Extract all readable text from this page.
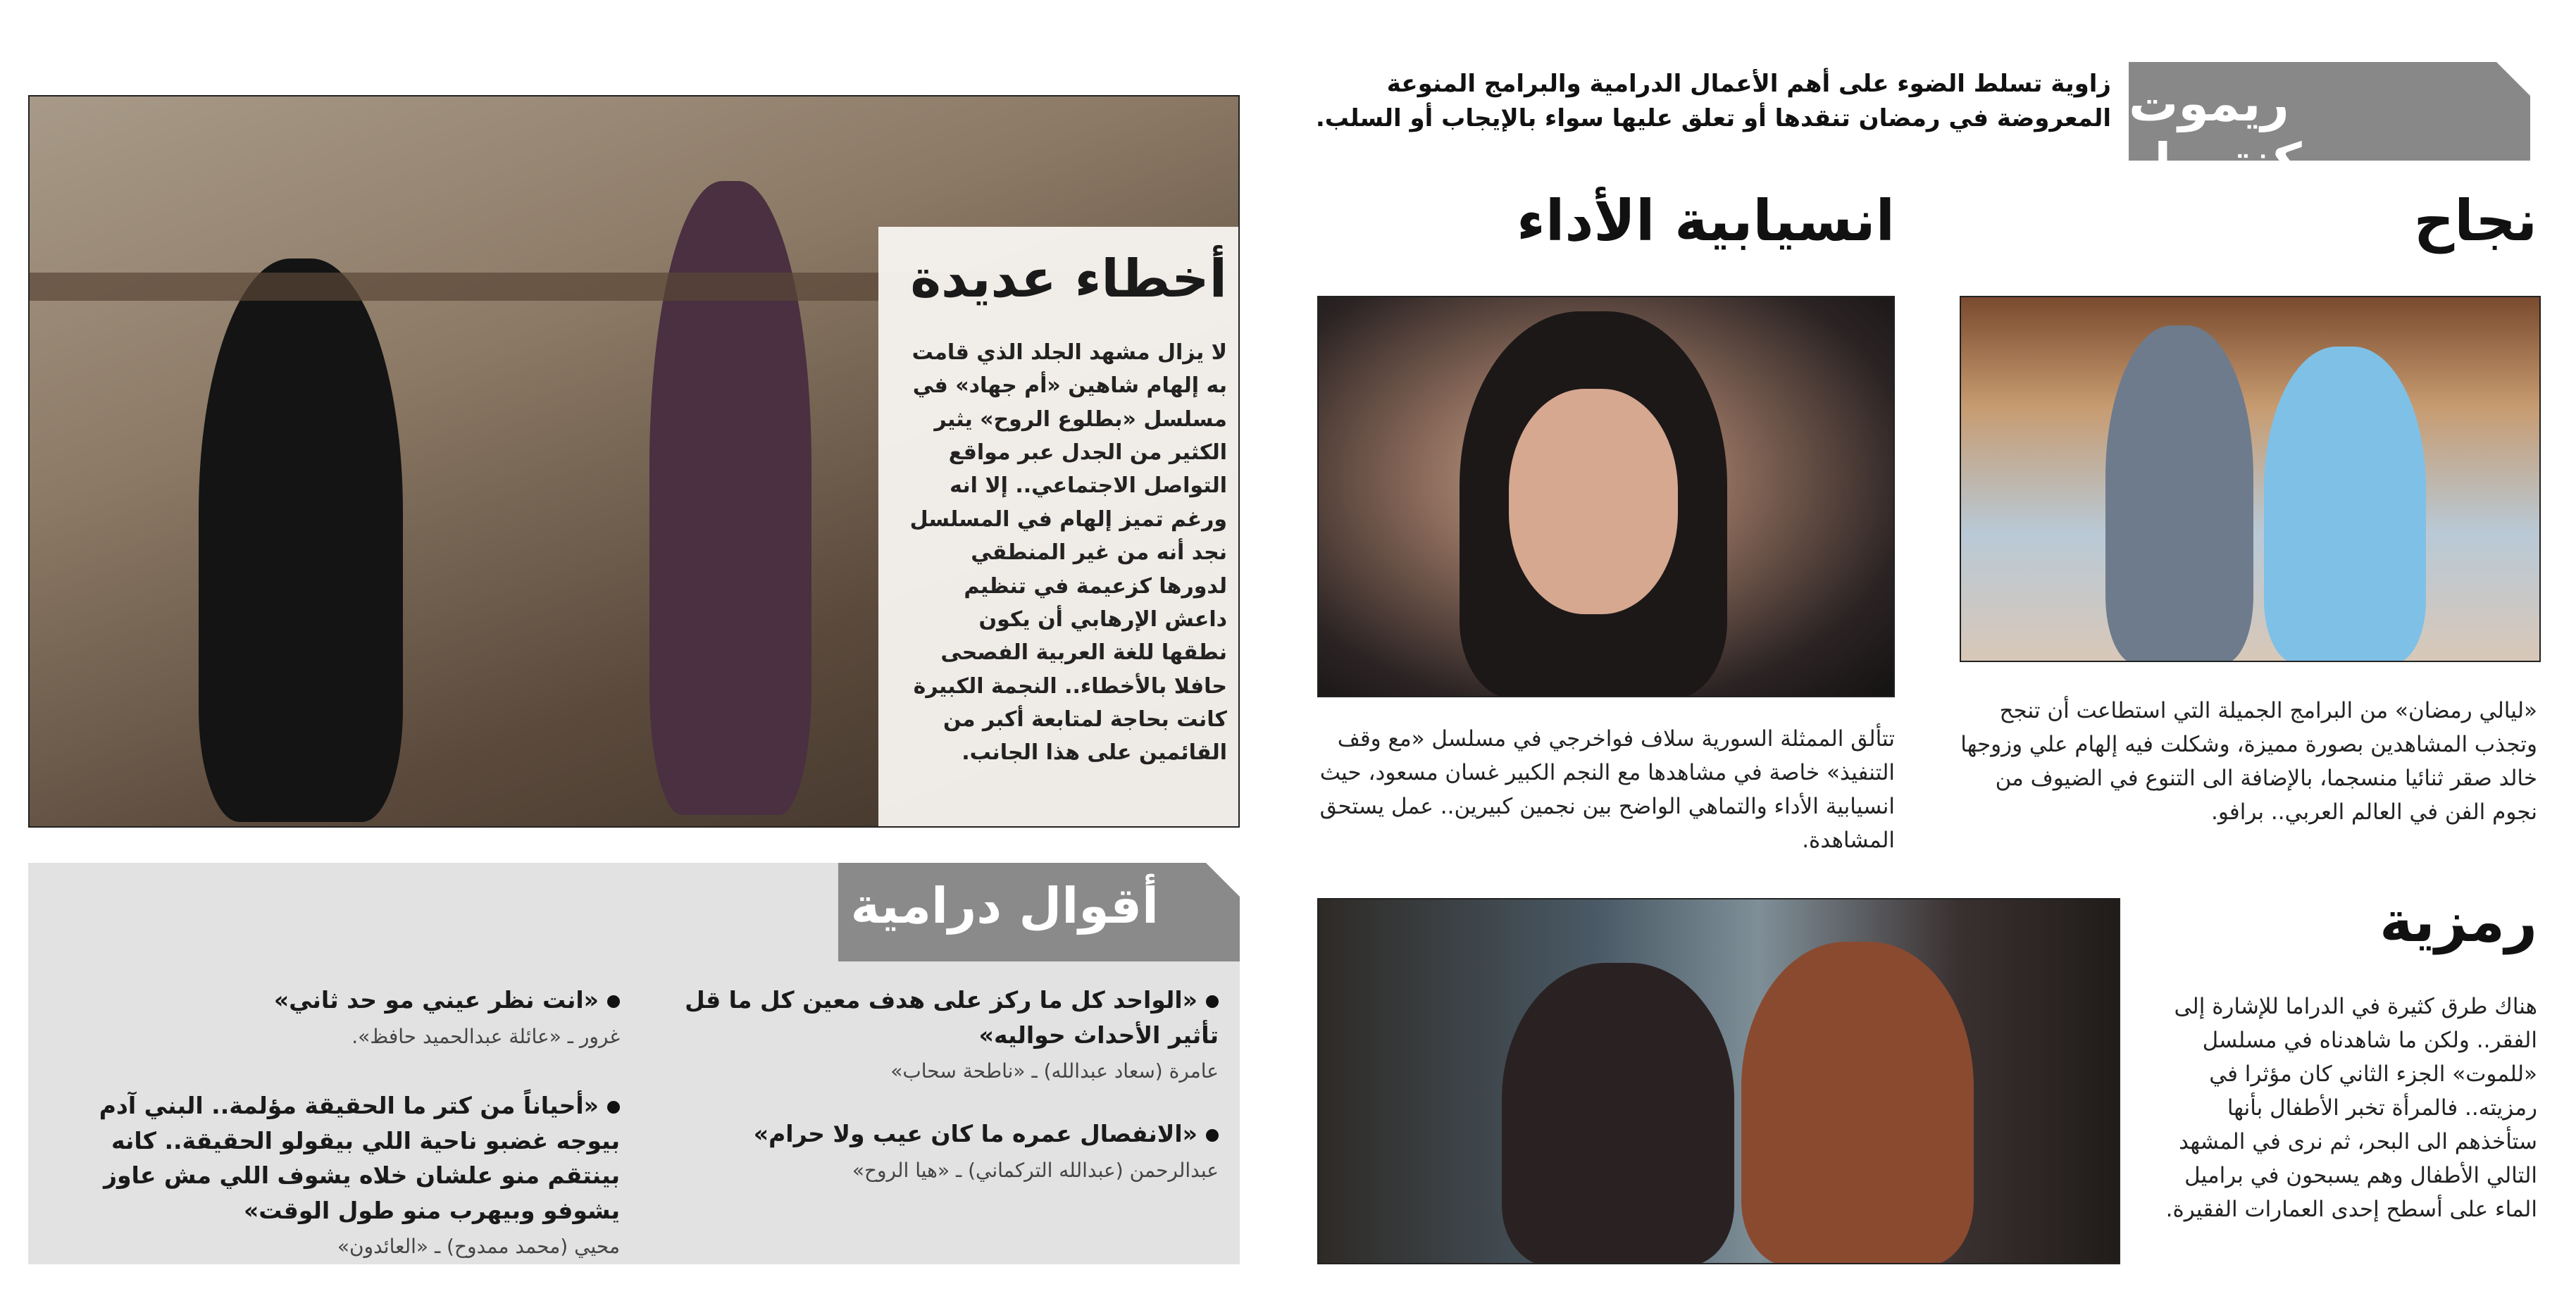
أخطاء عديدة
لا يزال مشهد الجلد الذي قامت به إلهام شاهين «أم جهاد» في مسلسل «بطلوع الروح» يثير الكثير من الجدل عبر مواقع التواصل الاجتماعي.. إلا انه ورغم تميز إلهام في المسلسل نجد أنه من غير المنطقي لدورها كزعيمة في تنظيم داعش الإرهابي أن يكون نطقها للغة العربية الفصحى حافلا بالأخطاء.. النجمة الكبيرة كانت بحاجة لمتابعة أكبر من القائمين على هذا الجانب.
أقوال درامية
«الواحد كل ما ركز على هدف معين كل ما قل تأثير الأحداث حواليه»
عامرة (سعاد عبدالله) ـ «ناطحة سحاب»
«الانفصال عمره ما كان عيب ولا حرام»
عبدالرحمن (عبدالله التركماني) ـ «هيا الروح»
«انت نظر عيني مو حد ثاني»
غرور ـ «عائلة عبدالحميد حافظ».
«أحياناً من كتر ما الحقيقة مؤلمة.. البني آدم بيوجه غضبو ناحية اللي بيقولو الحقيقة.. كانه بينتقم منو علشان خلاه يشوف اللي مش عاوز يشوفو وبيهرب منو طول الوقت»
محيي (محمد ممدوح) ـ «العائدون»
ريموت كنترول
زاوية تسلط الضوء على أهم الأعمال الدرامية والبرامج المنوعة المعروضة في رمضان تنقدها أو تعلق عليها سواء بالإيجاب أو السلب.
نجاح
«ليالي رمضان» من البرامج الجميلة التي استطاعت أن تنجح وتجذب المشاهدين بصورة مميزة، وشكلت فيه إلهام علي وزوجها خالد صقر ثنائيا منسجما، بالإضافة الى التنوع في الضيوف من نجوم الفن في العالم العربي.. برافو.
انسيابية الأداء
تتألق الممثلة السورية سلاف فواخرجي في مسلسل «مع وقف التنفيذ» خاصة في مشاهدها مع النجم الكبير غسان مسعود، حيث انسيابية الأداء والتماهي الواضح بين نجمين كبيرين.. عمل يستحق المشاهدة.
رمزية
هناك طرق كثيرة في الدراما للإشارة إلى الفقر.. ولكن ما شاهدناه في مسلسل «للموت» الجزء الثاني كان مؤثرا في رمزيته.. فالمرأة تخبر الأطفال بأنها ستأخذهم الى البحر، ثم نرى في المشهد التالي الأطفال وهم يسبحون في براميل الماء على أسطح إحدى العمارات الفقيرة.
